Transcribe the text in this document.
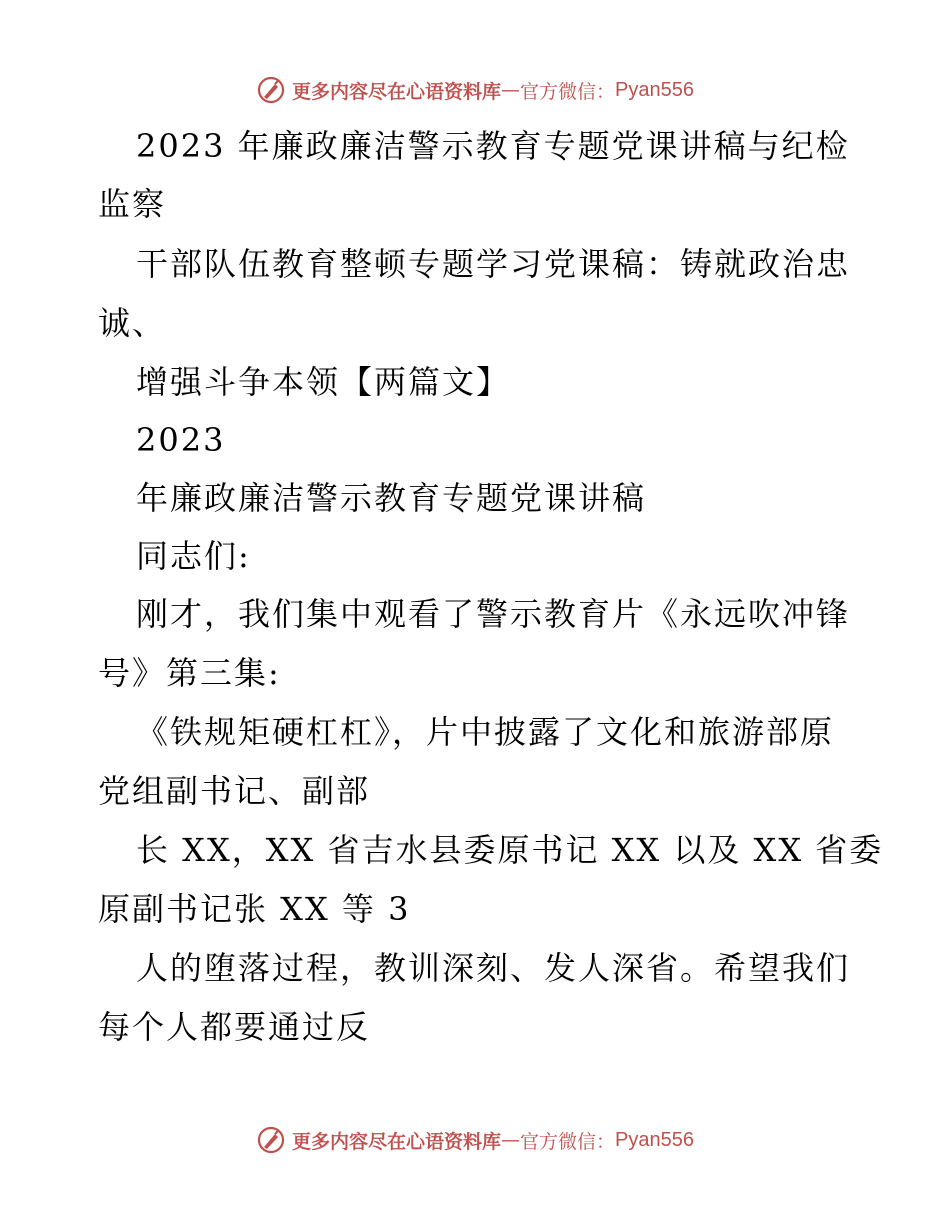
更多内容尽在心语资料库 — 官方微信： Pyan556
2023 年廉政廉洁警示教育专题党课讲稿与纪检
监察
干部队伍教育整顿专题学习党课稿：铸就政治忠
诚、
增强斗争本领【两篇文】
2023
年廉政廉洁警示教育专题党课讲稿
同志们:
刚才，我们集中观看了警示教育片《永远吹冲锋
号》第三集:
《铁规矩硬杠杠》，片中披露了文化和旅游部原
党组副书记、副部
长 XX，XX 省吉水县委原书记 XX 以及 XX 省委
原副书记张 XX 等 3
人的堕落过程，教训深刻、发人深省。希望我们
每个人都要通过反
更多内容尽在心语资料库 — 官方微信： Pyan556
